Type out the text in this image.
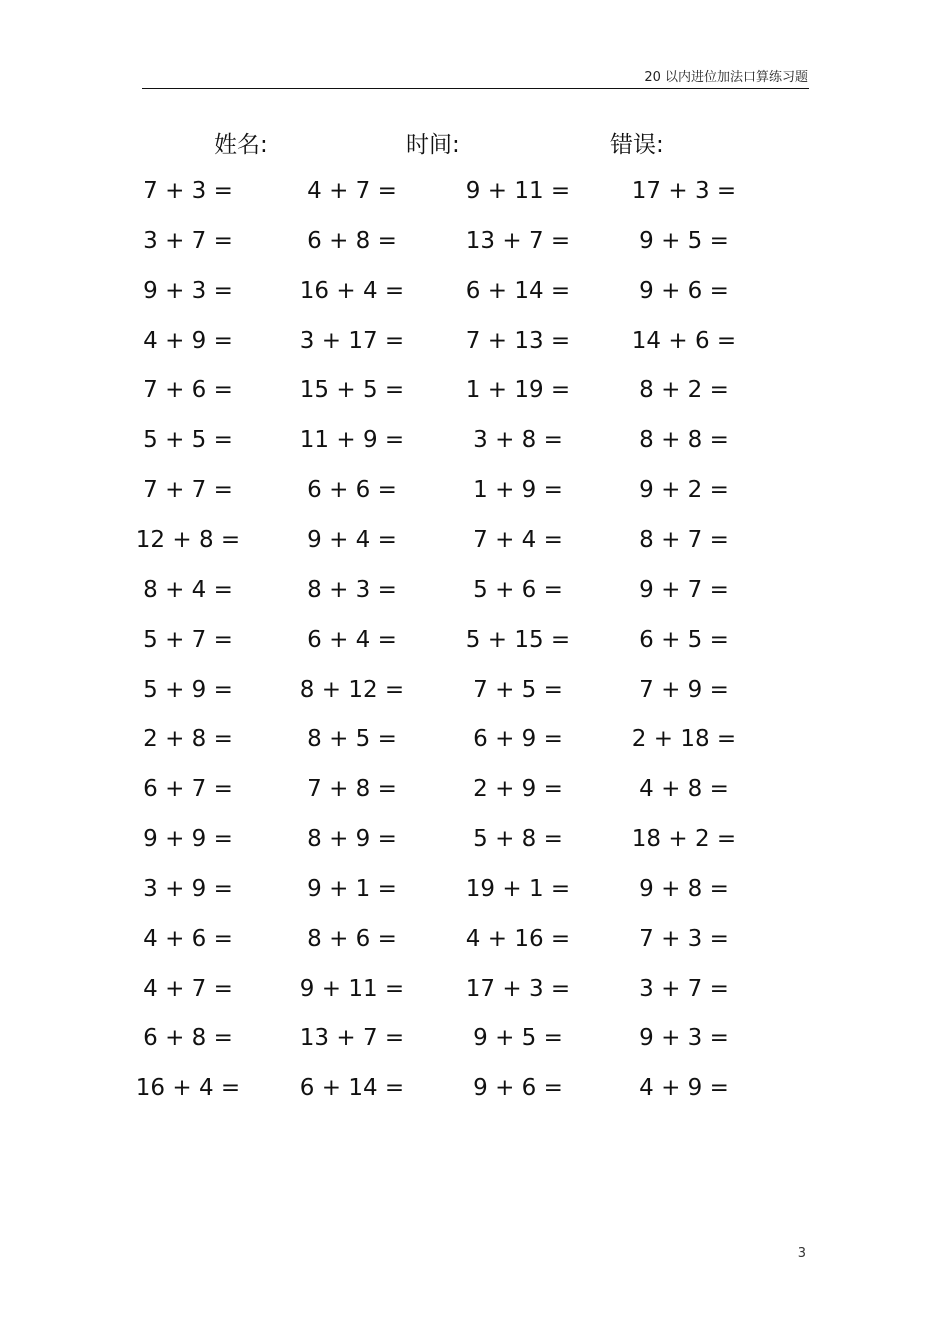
20 以内进位加法口算练习题
姓名:	时间:	错误:
7 + 3 =	4 + 7 =	9 + 11 =	17 + 3 =
3 + 7 =	6 + 8 =	13 + 7 =	9 + 5 =
9 + 3 =	16 + 4 =	6 + 14 =	9 + 6 =
4 + 9 =	3 + 17 =	7 + 13 =	14 + 6 =
7 + 6 =	15 + 5 =	1 + 19 =	8 + 2 =
5 + 5 =	11 + 9 =	3 + 8 =	8 + 8 =
7 + 7 =	6 + 6 =	1 + 9 =	9 + 2 =
12 + 8 =	9 + 4 =	7 + 4 =	8 + 7 =
8 + 4 =	8 + 3 =	5 + 6 =	9 + 7 =
5 + 7 =	6 + 4 =	5 + 15 =	6 + 5 =
5 + 9 =	8 + 12 =	7 + 5 =	7 + 9 =
2 + 8 =	8 + 5 =	6 + 9 =	2 + 18 =
6 + 7 =	7 + 8 =	2 + 9 =	4 + 8 =
9 + 9 =	8 + 9 =	5 + 8 =	18 + 2 =
3 + 9 =	9 + 1 =	19 + 1 =	9 + 8 =
4 + 6 =	8 + 6 =	4 + 16 =	7 + 3 =
4 + 7 =	9 + 11 =	17 + 3 =	3 + 7 =
6 + 8 =	13 + 7 =	9 + 5 =	9 + 3 =
16 + 4 =	6 + 14 =	9 + 6 =	4 + 9 =
3
